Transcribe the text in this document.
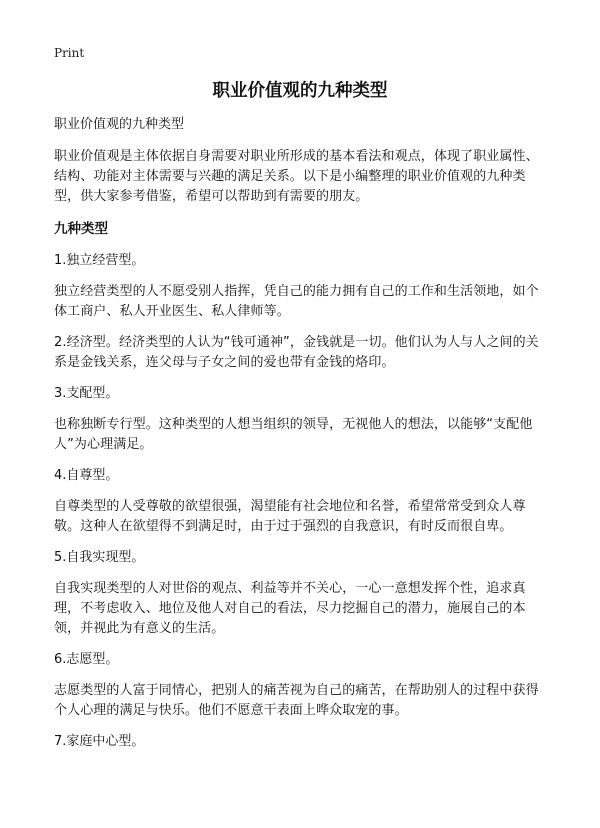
Print
职业价值观的九种类型

职业价值观的九种类型

职业价值观是主体依据自身需要对职业所形成的基本看法和观点，体现了职业属性、结构、功能对主体需要与兴趣的满足关系。以下是小编整理的职业价值观的九种类型，供大家参考借鉴，希望可以帮助到有需要的朋友。

九种类型

1.独立经营型。

独立经营类型的人不愿受别人指挥，凭自己的能力拥有自己的工作和生活领地，如个体工商户、私人开业医生、私人律师等。

2.经济型。经济类型的人认为“钱可通神”，金钱就是一切。他们认为人与人之间的关系是金钱关系，连父母与子女之间的爱也带有金钱的烙印。

3.支配型。

也称独断专行型。这种类型的人想当组织的领导，无视他人的想法，以能够“支配他人”为心理满足。

4.自尊型。

自尊类型的人受尊敬的欲望很强，渴望能有社会地位和名誉，希望常常受到众人尊敬。这种人在欲望得不到满足时，由于过于强烈的自我意识，有时反而很自卑。

5.自我实现型。

自我实现类型的人对世俗的观点、利益等并不关心，一心一意想发挥个性，追求真理，不考虑收入、地位及他人对自己的看法，尽力挖掘自己的潜力，施展自己的本领，并视此为有意义的生活。

6.志愿型。

志愿类型的人富于同情心，把别人的痛苦视为自己的痛苦，在帮助别人的过程中获得个人心理的满足与快乐。他们不愿意干表面上哗众取宠的事。

7.家庭中心型。
